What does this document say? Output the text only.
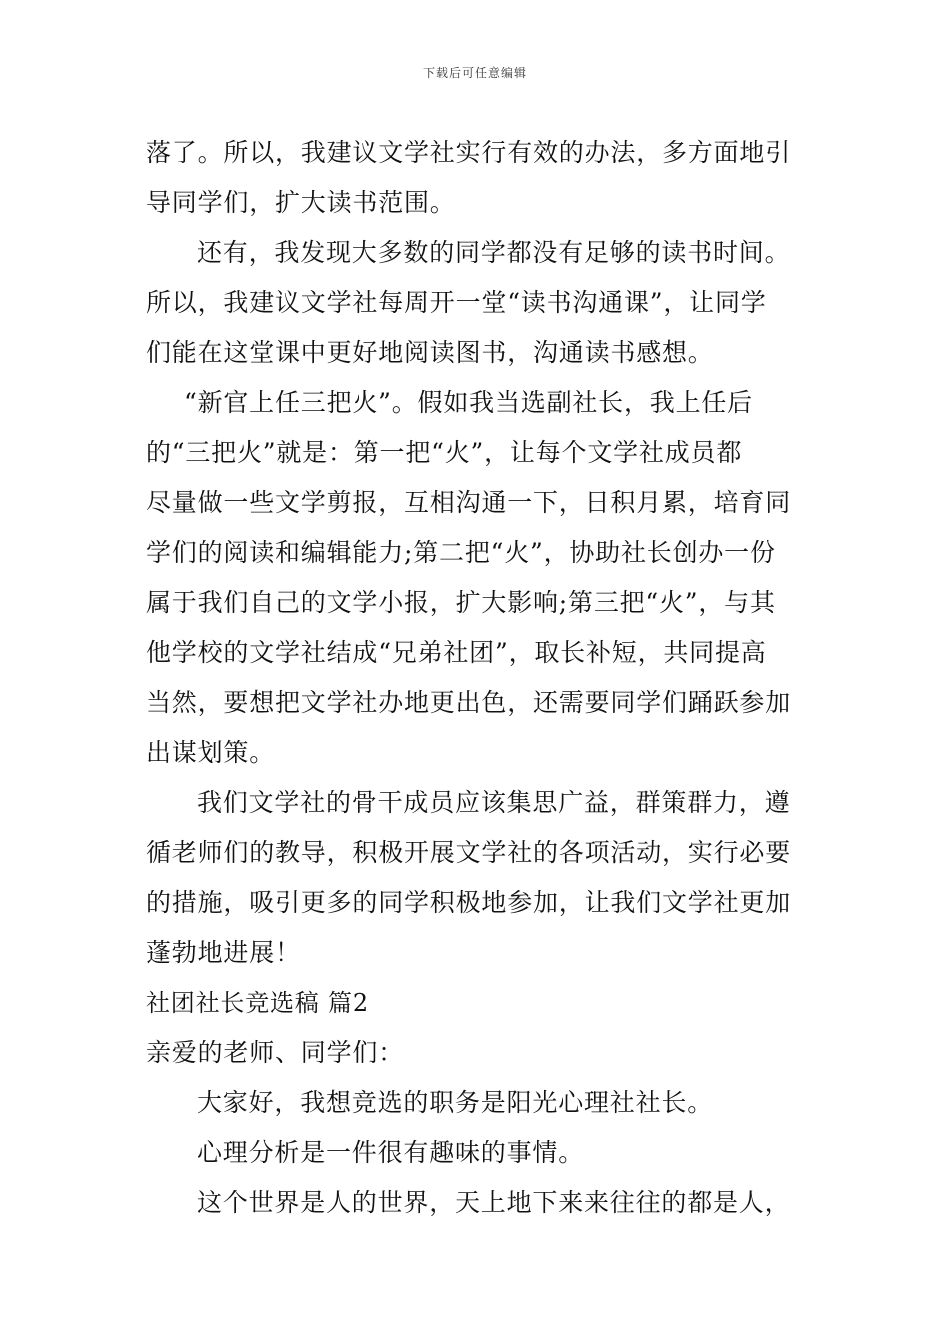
下载后可任意编辑
落了。所以，我建议文学社实行有效的办法，多方面地引
导同学们，扩大读书范围。
还有，我发现大多数的同学都没有足够的读书时间。
所以，我建议文学社每周开一堂“读书沟通课”，让同学
们能在这堂课中更好地阅读图书，沟通读书感想。
“新官上任三把火”。假如我当选副社长，我上任后
的“三把火”就是：第一把“火”，让每个文学社成员都
尽量做一些文学剪报，互相沟通一下，日积月累，培育同
学们的阅读和编辑能力;第二把“火”，协助社长创办一份
属于我们自己的文学小报，扩大影响;第三把“火”，与其
他学校的文学社结成“兄弟社团”，取长补短，共同提高
当然，要想把文学社办地更出色，还需要同学们踊跃参加
出谋划策。
我们文学社的骨干成员应该集思广益，群策群力，遵
循老师们的教导，积极开展文学社的各项活动，实行必要
的措施，吸引更多的同学积极地参加，让我们文学社更加
蓬勃地进展！
社团社长竞选稿 篇2
亲爱的老师、同学们：
大家好，我想竞选的职务是阳光心理社社长。
心理分析是一件很有趣味的事情。
这个世界是人的世界，天上地下来来往往的都是人，
